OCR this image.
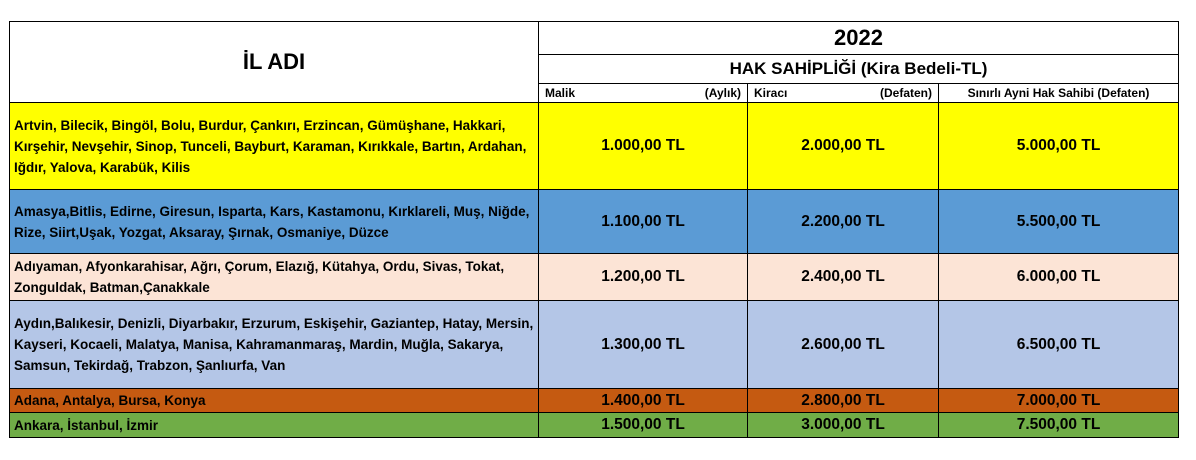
İL ADI	2022		
	HAK SAHİPLİĞİ (Kira Bedeli-TL)		

	Malik (Aylık)	Kiracı (Defaten)	Sınırlı Ayni Hak Sahibi (Defaten)
Artvin, Bilecik, Bingöl, Bolu, Burdur, Çankırı, Erzincan, Gümüşhane, Hakkari, Kırşehir, Nevşehir, Sinop, Tunceli, Bayburt, Karaman, Kırıkkale, Bartın, Ardahan, Iğdır, Yalova, Karabük, Kilis	1.000,00 TL	2.000,00 TL	5.000,00 TL
Amasya,Bitlis, Edirne, Giresun, Isparta, Kars, Kastamonu, Kırklareli, Muş, Niğde, Rize, Siirt,Uşak, Yozgat, Aksaray, Şırnak, Osmaniye, Düzce	1.100,00 TL	2.200,00 TL	5.500,00 TL
Adıyaman, Afyonkarahisar, Ağrı, Çorum, Elazığ, Kütahya, Ordu, Sivas, Tokat, Zonguldak, Batman,Çanakkale	1.200,00 TL	2.400,00 TL	6.000,00 TL
Aydın,Balıkesir, Denizli, Diyarbakır, Erzurum, Eskişehir, Gaziantep, Hatay, Mersin, Kayseri, Kocaeli, Malatya, Manisa, Kahramanmaraş, Mardin, Muğla, Sakarya, Samsun, Tekirdağ, Trabzon, Şanlıurfa, Van	1.300,00 TL	2.600,00 TL	6.500,00 TL
Adana, Antalya, Bursa, Konya	1.400,00 TL	2.800,00 TL	7.000,00 TL
Ankara, İstanbul, İzmir	1.500,00 TL	3.000,00 TL	7.500,00 TL
